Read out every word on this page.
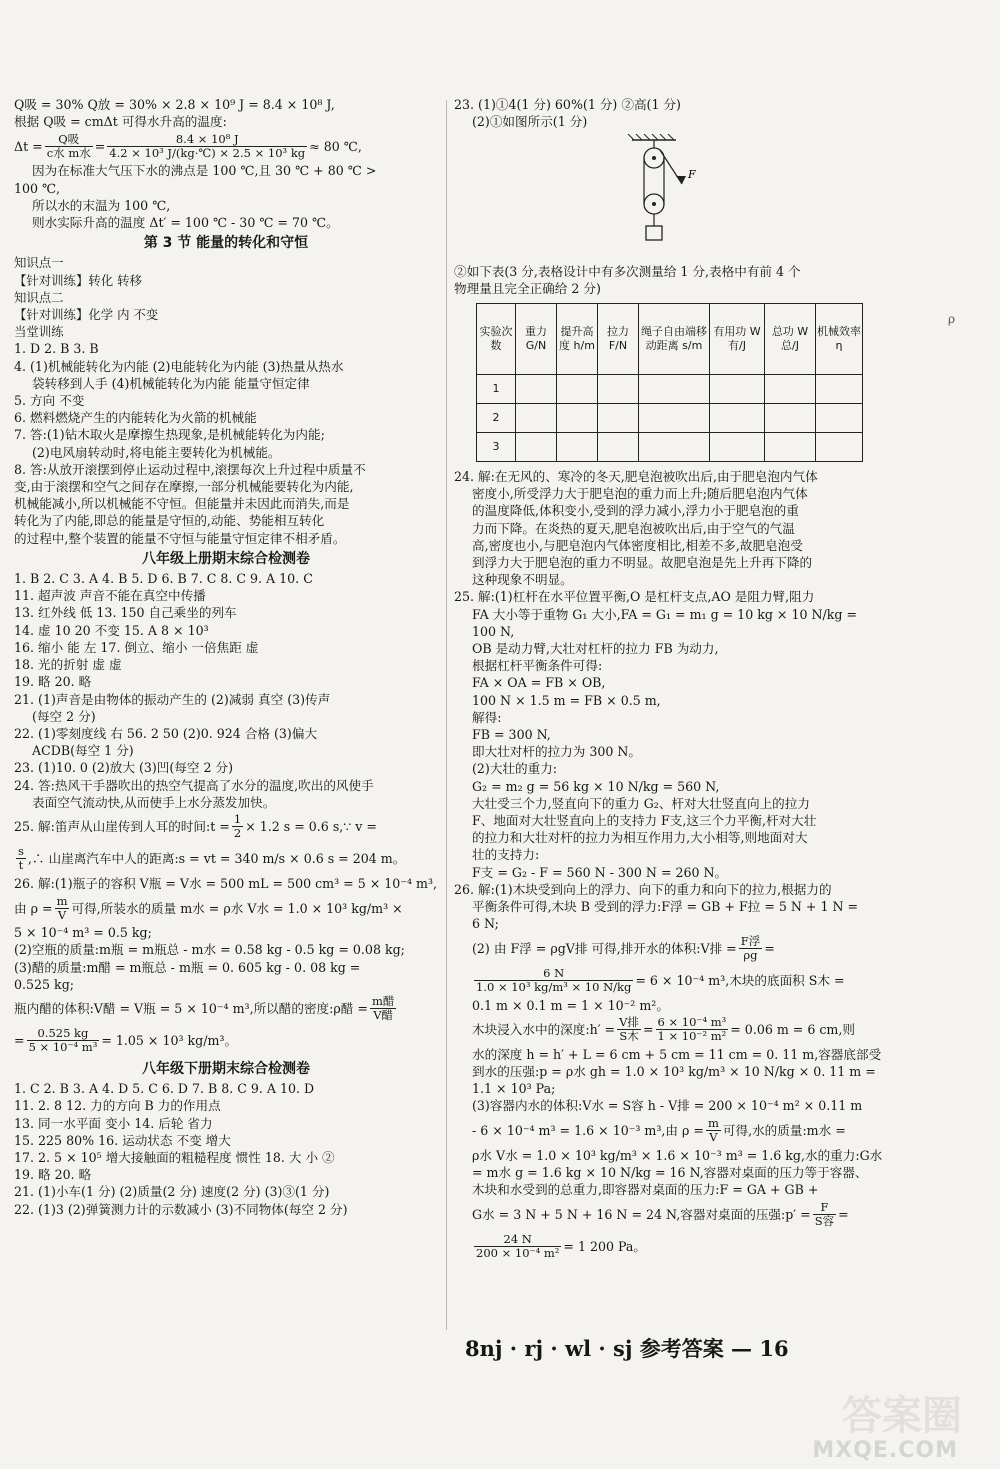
Q吸 = 30% Q放 = 30% × 2.8 × 10⁹ J = 8.4 × 10⁸ J,
根据 Q吸 = cmΔt 可得水升高的温度:
$\Delta t = \frac{\text{Q吸}}{\text{c水 m水}} = \frac{\text{8.4 × 10⁸ J}}{\text{4.2 × 10³ J/(kg·℃) × 2.5 × 10³ kg}} \approx 80$ ℃,
因为在标准大气压下水的沸点是 100 ℃,且 30 ℃ + 80 ℃ >
100 ℃,
所以水的末温为 100 ℃,
则水实际升高的温度 Δt′ = 100 ℃ - 30 ℃ = 70 ℃。
第 3 节 能量的转化和守恒
知识点一
【针对训练】转化 转移
知识点二
【针对训练】化学 内 不变
当堂训练
1. D 2. B 3. B
4. (1)机械能转化为内能 (2)电能转化为内能 (3)热量从热水
袋转移到人手 (4)机械能转化为内能 能量守恒定律
5. 方向 不变
6. 燃料燃烧产生的内能转化为火箭的机械能
7. 答:(1)钻木取火是摩擦生热现象,是机械能转化为内能;
(2)电风扇转动时,将电能主要转化为机械能。
8. 答:从放开滚摆到停止运动过程中,滚摆每次上升过程中质量不
变,由于滚摆和空气之间存在摩擦,一部分机械能要转化为内能,
机械能减小,所以机械能不守恒。但能量并未因此而消失,而是
转化为了内能,即总的能量是守恒的,动能、势能相互转化
的过程中,整个装置的能量不守恒与能量守恒定律不相矛盾。
八年级上册期末综合检测卷
1. B 2. C 3. A 4. B 5. D 6. B 7. C 8. C 9. A 10. C
11. 超声波 声音不能在真空中传播
13. 红外线 低 13. 150 自己乘坐的列车
14. 虚 10 20 不变 15. A 8 × 10³
16. 缩小 能 左 17. 倒立、缩小 一倍焦距 虚
18. 光的折射 虚 虚
19. 略 20. 略
21. (1)声音是由物体的振动产生的 (2)减弱 真空 (3)传声
(每空 2 分)
22. (1)零刻度线 右 56. 2 50 (2)0. 924 合格 (3)偏大
ACDB(每空 1 分)
23. (1)10. 0 (2)放大 (3)凹(每空 2 分)
24. 答:热风干手器吹出的热空气提高了水分的温度,吹出的风使手
表面空气流动快,从而使手上水分蒸发加快。
25. 解:笛声从山崖传到人耳的时间:t = $\frac{1}{2} \times 1.2$ s = 0.6 s,∵ v =
$\frac{s}{t}$ ,∴ 山崖离汽车中人的距离:s = vt = 340 m/s × 0.6 s = 204 m。
26. 解:(1)瓶子的容积 V瓶 = V水 = 500 mL = 500 cm³ = 5 × 10⁻⁴ m³,
由 $\rho = \frac{m}{V}$ 可得,所装水的质量 m水 = ρ水 V水 = 1.0 × 10³ kg/m³ ×
5 × 10⁻⁴ m³ = 0.5 kg;
(2)空瓶的质量:m瓶 = m瓶总 - m水 = 0.58 kg - 0.5 kg = 0.08 kg;
(3)醋的质量:m醋 = m瓶总 - m瓶 = 0. 605 kg - 0. 08 kg =
0.525 kg;
瓶内醋的体积:V醋 = V瓶 = 5 × 10⁻⁴ m³,所以醋的密度:ρ醋 = $\frac{\text{m醋}}{\text{V醋}}$
= $\frac{0.525 kg}{\text{5 × 10⁻⁴ m³}} = 1.05 \times 10^3$ kg/m³。
八年级下册期末综合检测卷
1. C 2. B 3. A 4. D 5. C 6. D 7. B 8. C 9. A 10. D
11. 2. 8 12. 力的方向 B 力的作用点
13. 同一水平面 变小 14. 后轮 省力
15. 225 80% 16. 运动状态 不变 增大
17. 2. 5 × 10⁵ 增大接触面的粗糙程度 惯性 18. 大 小 ②
19. 略 20. 略
21. (1)小车(1 分) (2)质量(2 分) 速度(2 分) (3)③(1 分)
22. (1)3 (2)弹簧测力计的示数减小 (3)不同物体(每空 2 分)
23. (1)①4(1 分) 60%(1 分) ②高(1 分)
(2)①如图所示(1 分)
F
②如下表(3 分,表格设计中有多次测量给 1 分,表格中有前 4 个
物理量且完全正确给 2 分)
实验次数	重力 G/N	提升高度 h/m	拉力 F/N	绳子自由端移动距离 s/m	有用功 W有/J	总功 W总/J	机械效率 η
1							
2							
3							
24. 解:在无风的、寒冷的冬天,肥皂泡被吹出后,由于肥皂泡内气体
密度小,所受浮力大于肥皂泡的重力而上升;随后肥皂泡内气体
的温度降低,体积变小,受到的浮力减小,浮力小于肥皂泡的重
力而下降。在炎热的夏天,肥皂泡被吹出后,由于空气的气温
高,密度也小,与肥皂泡内气体密度相比,相差不多,故肥皂泡受
到浮力大于肥皂泡的重力不明显。故肥皂泡是先上升再下降的
这种现象不明显。
25. 解:(1)杠杆在水平位置平衡,O 是杠杆支点,AO 是阻力臂,阻力
FA 大小等于重物 G₁ 大小,FA = G₁ = m₁ g = 10 kg × 10 N/kg =
100 N,
OB 是动力臂,大壮对杠杆的拉力 FB 为动力,
根据杠杆平衡条件可得:
FA × OA = FB × OB,
100 N × 1.5 m = FB × 0.5 m,
解得:
FB = 300 N,
即大壮对杆的拉力为 300 N。
(2)大壮的重力:
G₂ = m₂ g = 56 kg × 10 N/kg = 560 N,
大壮受三个力,竖直向下的重力 G₂、杆对大壮竖直向上的拉力
F、地面对大壮竖直向上的支持力 F支,这三个力平衡,杆对大壮
的拉力和大壮对杆的拉力为相互作用力,大小相等,则地面对大
壮的支持力:
F支 = G₂ - F = 560 N - 300 N = 260 N。
26. 解:(1)木块受到向上的浮力、向下的重力和向下的拉力,根据力的
平衡条件可得,木块 B 受到的浮力:F浮 = GB + F拉 = 5 N + 1 N =
6 N;
(2) 由 F浮 = ρgV排 可得,排开水的体积:V排 = $\frac{\text{F浮}}{\rho g}$ =
$\frac{6 N}{\text{1.0 × 10³ kg/m³ × 10 N/kg}} = 6 \times 10^{-4}$ m³,木块的底面积 S木 =
0.1 m × 0.1 m = 1 × 10⁻² m²。
木块浸入水中的深度:h′ = $\frac{\text{V排}}{\text{S木}} = \frac{\text{6 × 10⁻⁴ m³}}{\text{1 × 10⁻² m²}} = 0.06$ m = 6 cm,则
水的深度 h = h′ + L = 6 cm + 5 cm = 11 cm = 0. 11 m,容器底部受
到水的压强:p = ρ水 gh = 1.0 × 10³ kg/m³ × 10 N/kg × 0. 11 m =
1.1 × 10³ Pa;
(3)容器内水的体积:V水 = S容 h - V排 = 200 × 10⁻⁴ m² × 0.11 m
- 6 × 10⁻⁴ m³ = 1.6 × 10⁻³ m³,由 $\rho = \frac{m}{V}$ 可得,水的质量:m水 =
ρ水 V水 = 1.0 × 10³ kg/m³ × 1.6 × 10⁻³ m³ = 1.6 kg,水的重力:G水
= m水 g = 1.6 kg × 10 N/kg = 16 N,容器对桌面的压力等于容器、
木块和水受到的总重力,即容器对桌面的压力:F = GA + GB +
G水 = 3 N + 5 N + 16 N = 24 N,容器对桌面的压强:p′ = $\frac{F}{\text{S容}}$ =
$\frac{24 N}{\text{200 × 10⁻⁴ m²}} = 1$ 200 Pa。
ρ
8nj · rj · wl · sj 参考答案 — 16
答案圈
MXQE.COM
